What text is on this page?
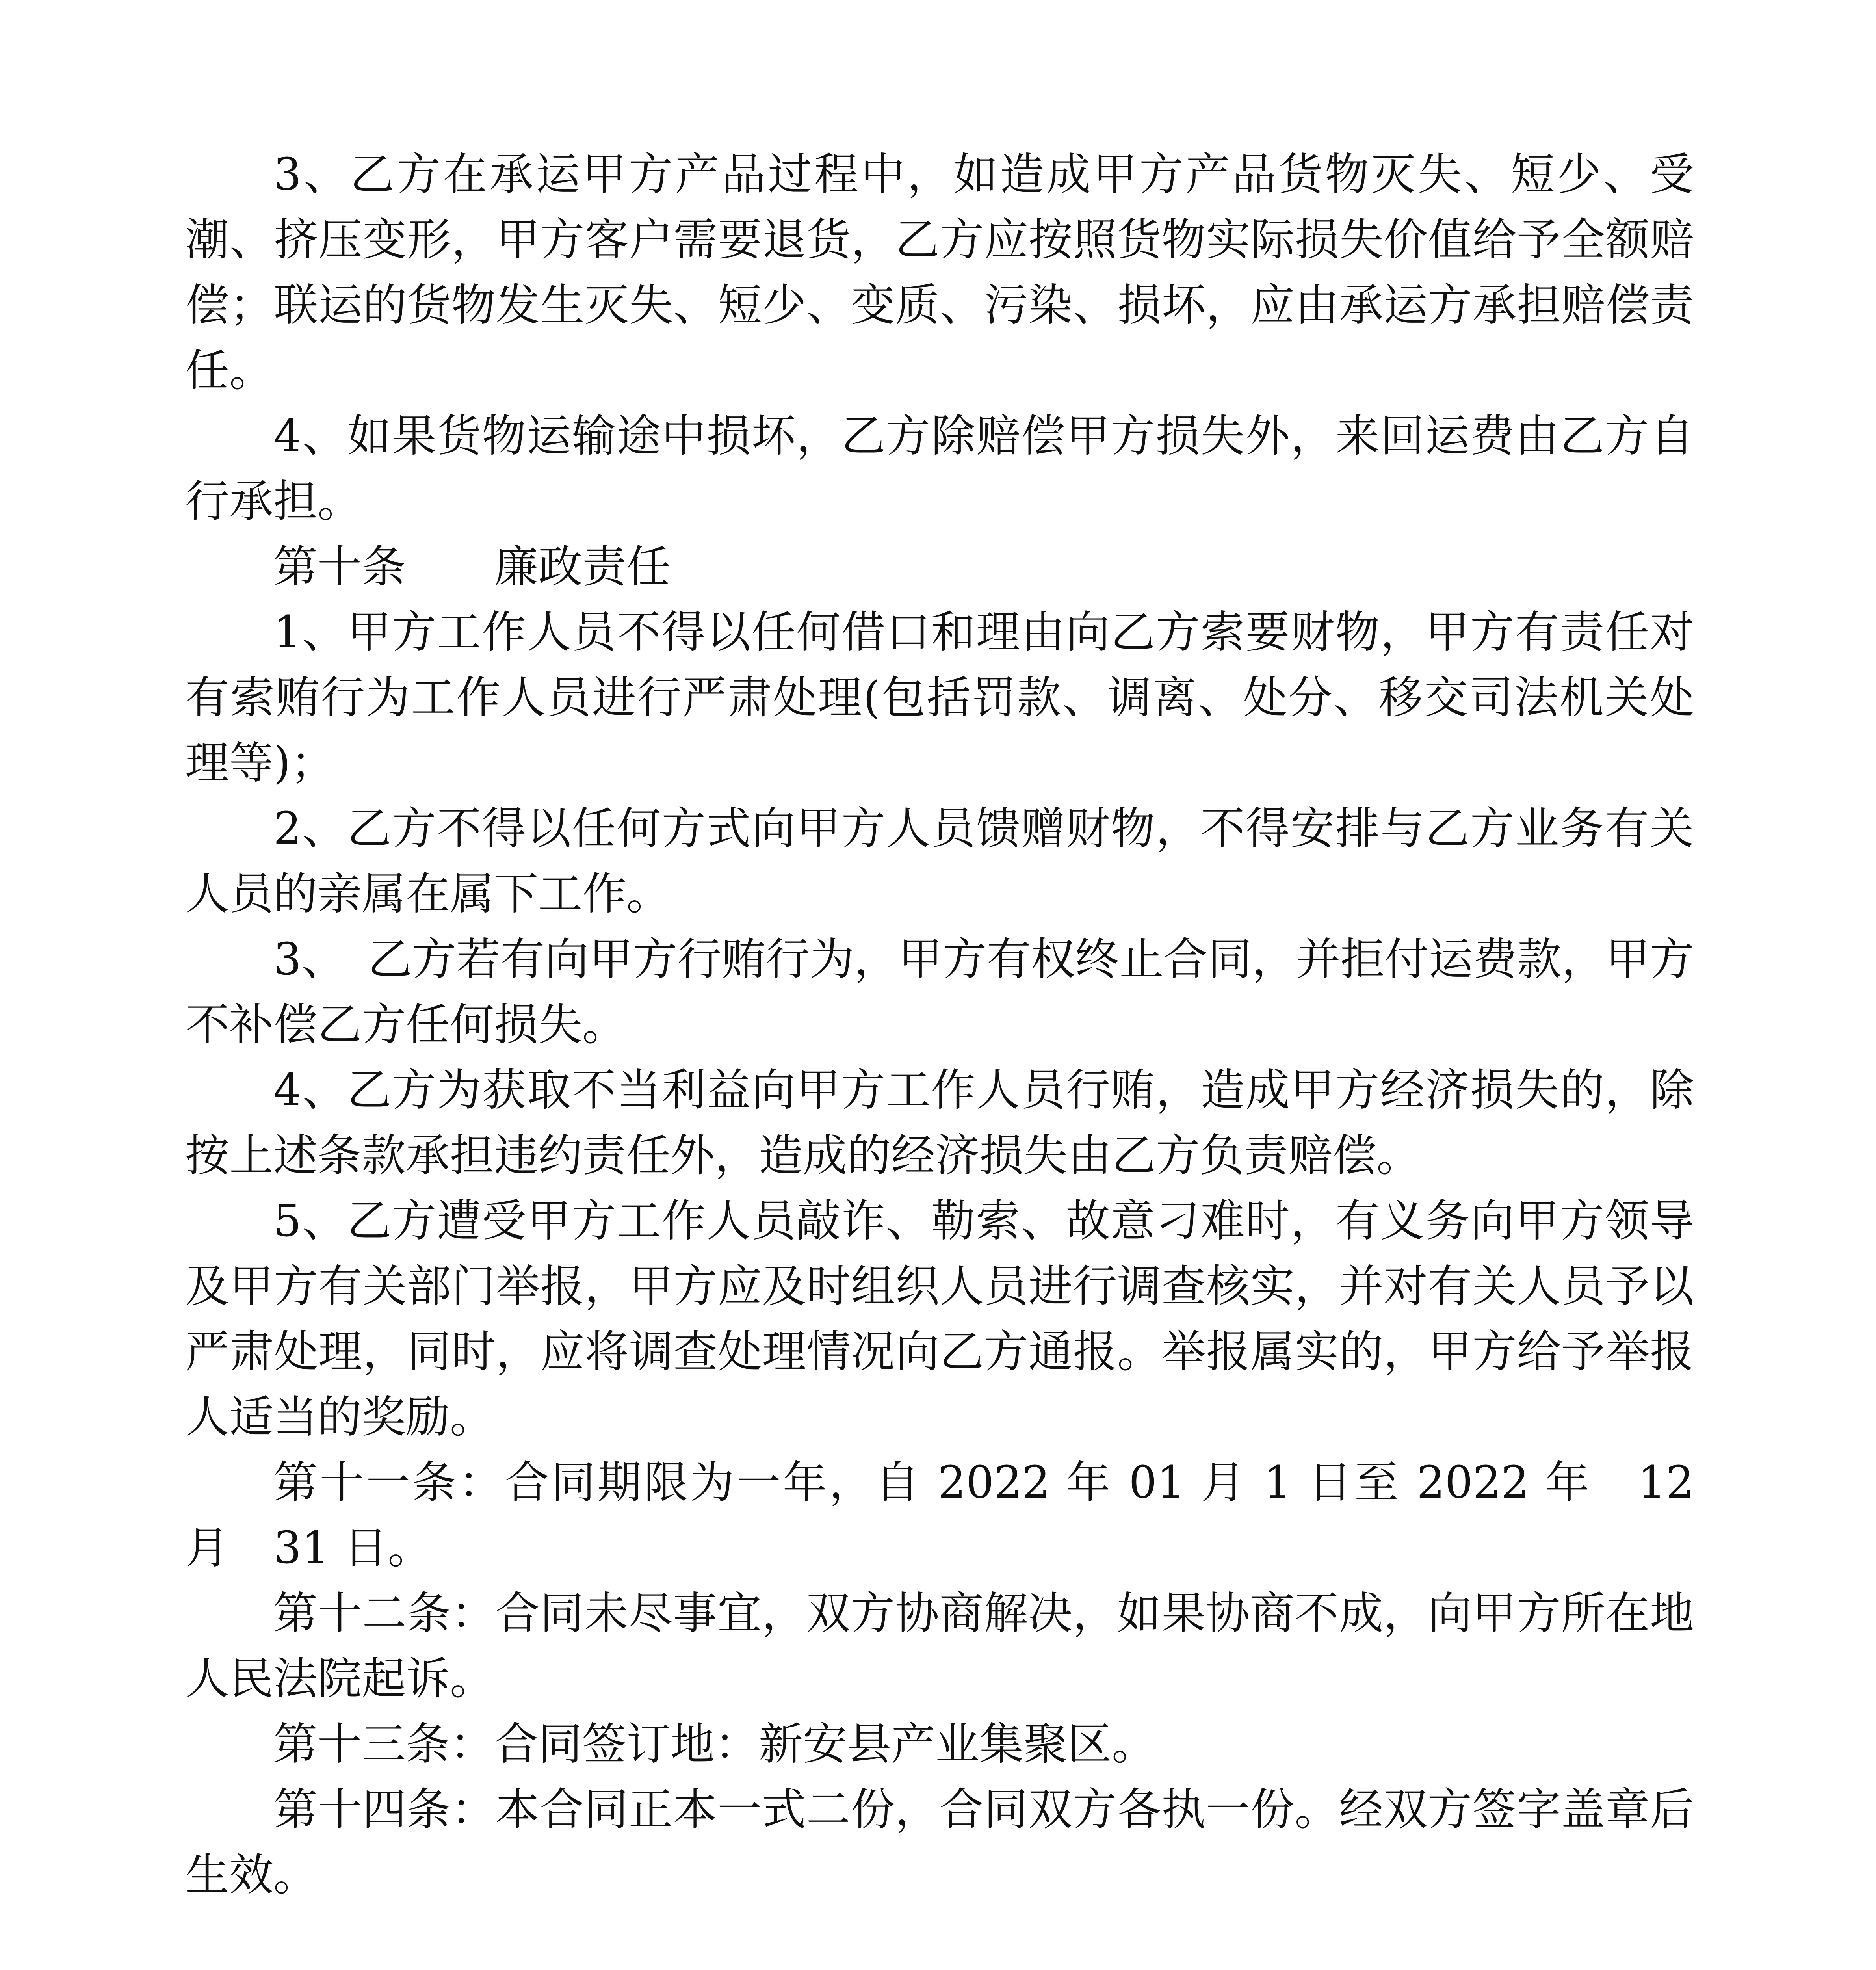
3、乙方在承运甲方产品过程中，如造成甲方产品货物灭失、短少、受潮、挤压变形，甲方客户需要退货，乙方应按照货物实际损失价值给予全额赔偿；联运的货物发生灭失、短少、变质、污染、损坏，应由承运方承担赔偿责任。

4、如果货物运输途中损坏，乙方除赔偿甲方损失外，来回运费由乙方自行承担。

第十条　　廉政责任

1、甲方工作人员不得以任何借口和理由向乙方索要财物，甲方有责任对有索贿行为工作人员进行严肃处理(包括罚款、调离、处分、移交司法机关处理等)；

2、乙方不得以任何方式向甲方人员馈赠财物，不得安排与乙方业务有关人员的亲属在属下工作。

3、　乙方若有向甲方行贿行为，甲方有权终止合同，并拒付运费款，甲方不补偿乙方任何损失。

4、乙方为获取不当利益向甲方工作人员行贿，造成甲方经济损失的，除按上述条款承担违约责任外，造成的经济损失由乙方负责赔偿。

5、乙方遭受甲方工作人员敲诈、勒索、故意刁难时，有义务向甲方领导及甲方有关部门举报，甲方应及时组织人员进行调查核实，并对有关人员予以严肃处理，同时，应将调查处理情况向乙方通报。举报属实的，甲方给予举报人适当的奖励。

第十一条：合同期限为一年，自 2022 年 01 月 1 日至 2022 年　12　月　31 日。

第十二条：合同未尽事宜，双方协商解决，如果协商不成，向甲方所在地人民法院起诉。

第十三条：合同签订地：新安县产业集聚区。

第十四条：本合同正本一式二份，合同双方各执一份。经双方签字盖章后生效。
